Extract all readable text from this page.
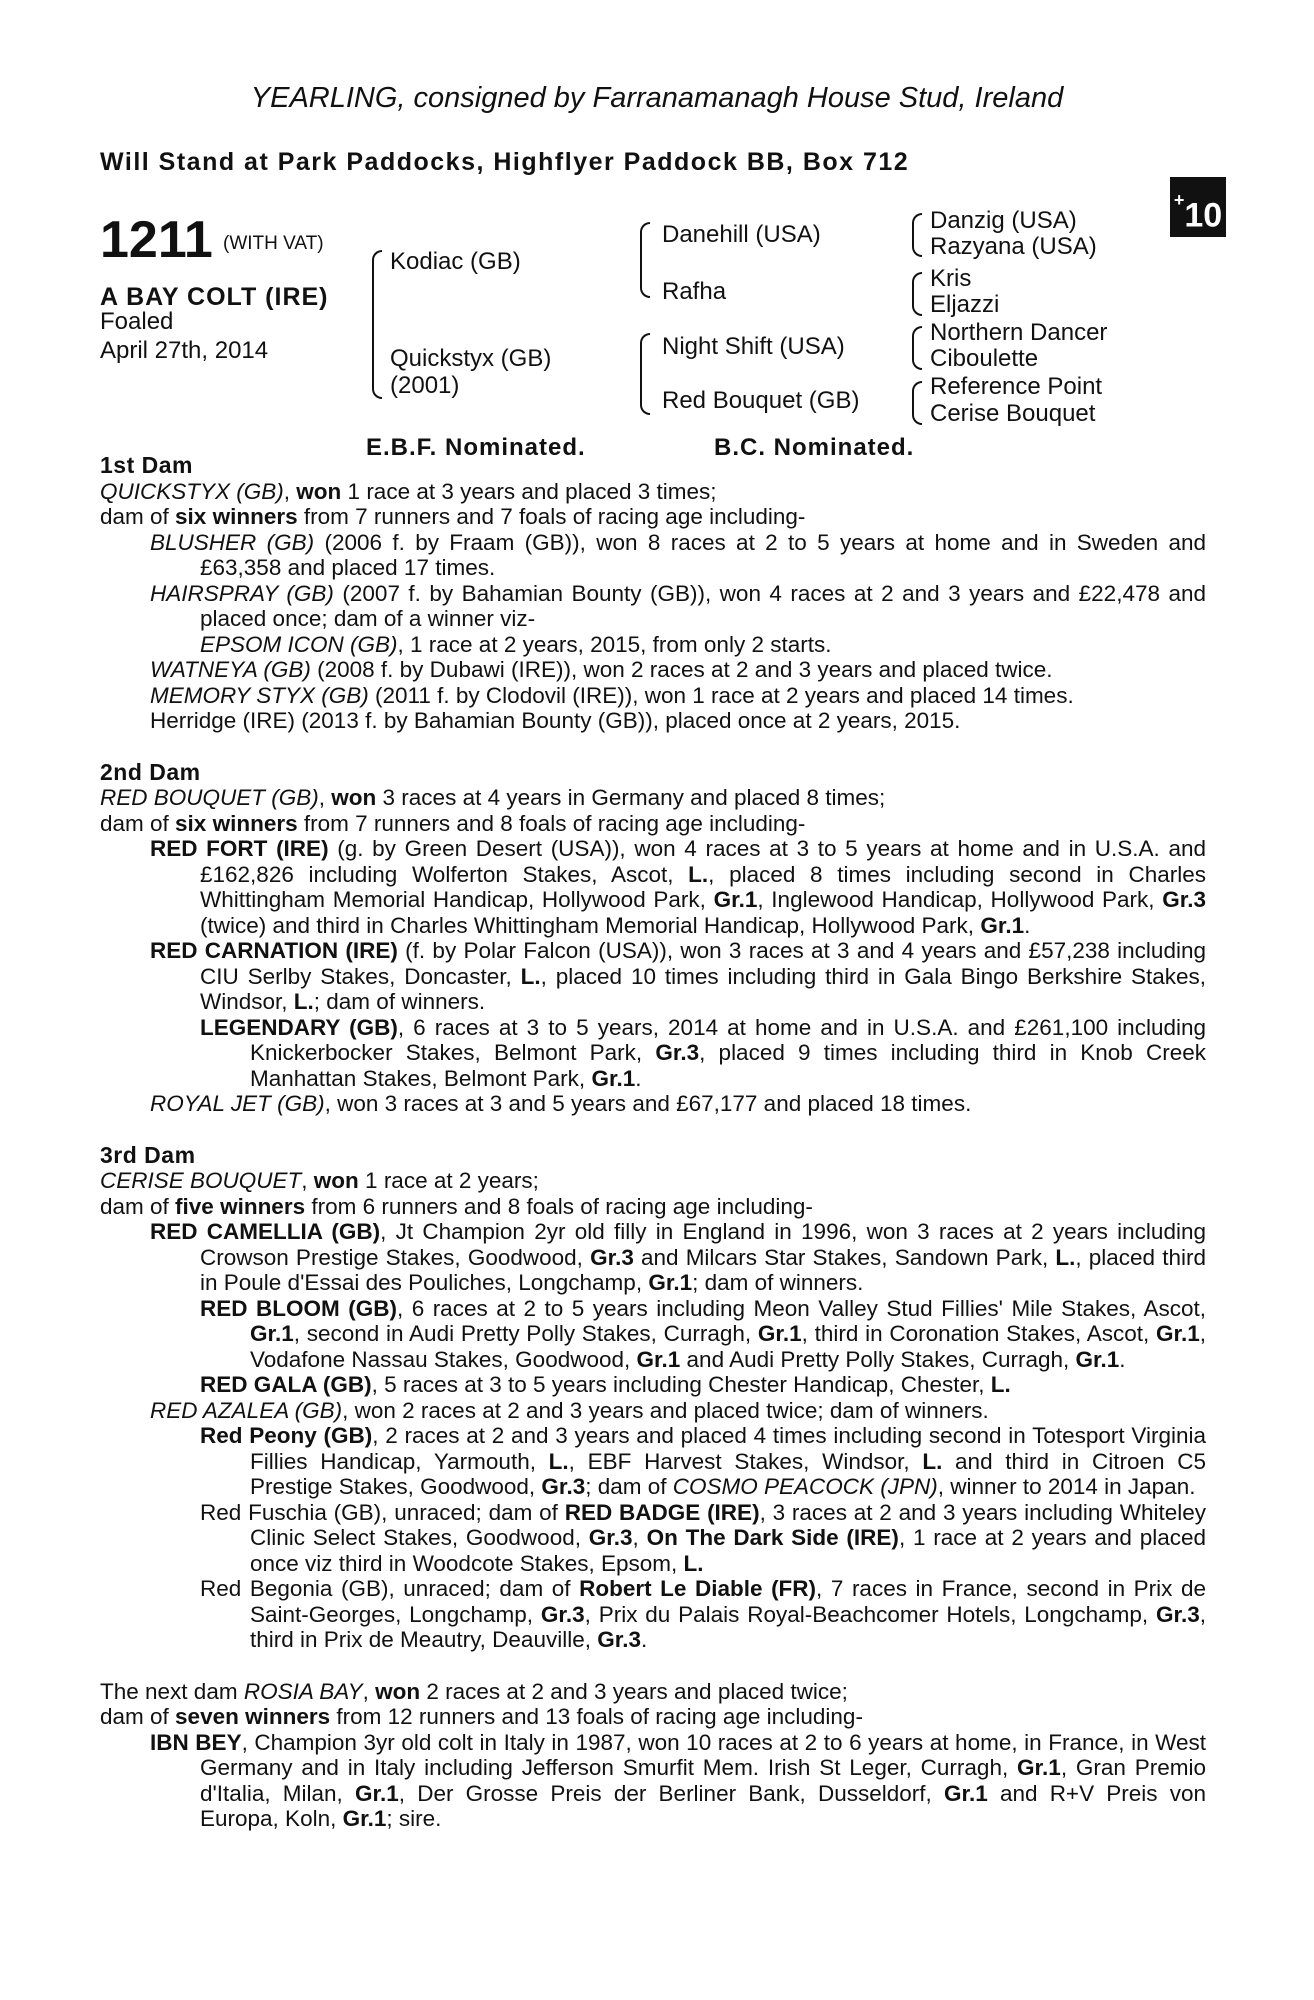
YEARLING, consigned by Farranamanagh House Stud, Ireland
Will Stand at Park Paddocks, Highflyer Paddock BB, Box 712
+10
1211 (WITH VAT)
A BAY COLT (IRE)
Foaled
April 27th, 2014
Kodiac (GB)
Quickstyx (GB)
(2001)
Danehill (USA)
Rafha
Night Shift (USA)
Red Bouquet (GB)
Danzig (USA)
Razyana (USA)
Kris
Eljazzi
Northern Dancer
Ciboulette
Reference Point
Cerise Bouquet
E.B.F. Nominated.	B.C. Nominated.
1st Dam
QUICKSTYX (GB), won 1 race at 3 years and placed 3 times;
dam of six winners from 7 runners and 7 foals of racing age including-
BLUSHER (GB) (2006 f. by Fraam (GB)), won 8 races at 2 to 5 years at home and in Sweden and £63,358 and placed 17 times.
HAIRSPRAY (GB) (2007 f. by Bahamian Bounty (GB)), won 4 races at 2 and 3 years and £22,478 and placed once; dam of a winner viz-
EPSOM ICON (GB), 1 race at 2 years, 2015, from only 2 starts.
WATNEYA (GB) (2008 f. by Dubawi (IRE)), won 2 races at 2 and 3 years and placed twice.
MEMORY STYX (GB) (2011 f. by Clodovil (IRE)), won 1 race at 2 years and placed 14 times.
Herridge (IRE) (2013 f. by Bahamian Bounty (GB)), placed once at 2 years, 2015.
2nd Dam
RED BOUQUET (GB), won 3 races at 4 years in Germany and placed 8 times;
dam of six winners from 7 runners and 8 foals of racing age including-
RED FORT (IRE) (g. by Green Desert (USA)), won 4 races at 3 to 5 years at home and in U.S.A. and £162,826 including Wolferton Stakes, Ascot, L., placed 8 times including second in Charles Whittingham Memorial Handicap, Hollywood Park, Gr.1, Inglewood Handicap, Hollywood Park, Gr.3 (twice) and third in Charles Whittingham Memorial Handicap, Hollywood Park, Gr.1.
RED CARNATION (IRE) (f. by Polar Falcon (USA)), won 3 races at 3 and 4 years and £57,238 including CIU Serlby Stakes, Doncaster, L., placed 10 times including third in Gala Bingo Berkshire Stakes, Windsor, L.; dam of winners.
LEGENDARY (GB), 6 races at 3 to 5 years, 2014 at home and in U.S.A. and £261,100 including Knickerbocker Stakes, Belmont Park, Gr.3, placed 9 times including third in Knob Creek Manhattan Stakes, Belmont Park, Gr.1.
ROYAL JET (GB), won 3 races at 3 and 5 years and £67,177 and placed 18 times.
3rd Dam
CERISE BOUQUET, won 1 race at 2 years;
dam of five winners from 6 runners and 8 foals of racing age including-
RED CAMELLIA (GB), Jt Champion 2yr old filly in England in 1996, won 3 races at 2 years including Crowson Prestige Stakes, Goodwood, Gr.3 and Milcars Star Stakes, Sandown Park, L., placed third in Poule d'Essai des Pouliches, Longchamp, Gr.1; dam of winners.
RED BLOOM (GB), 6 races at 2 to 5 years including Meon Valley Stud Fillies' Mile Stakes, Ascot, Gr.1, second in Audi Pretty Polly Stakes, Curragh, Gr.1, third in Coronation Stakes, Ascot, Gr.1, Vodafone Nassau Stakes, Goodwood, Gr.1 and Audi Pretty Polly Stakes, Curragh, Gr.1.
RED GALA (GB), 5 races at 3 to 5 years including Chester Handicap, Chester, L.
RED AZALEA (GB), won 2 races at 2 and 3 years and placed twice; dam of winners.
Red Peony (GB), 2 races at 2 and 3 years and placed 4 times including second in Totesport Virginia Fillies Handicap, Yarmouth, L., EBF Harvest Stakes, Windsor, L. and third in Citroen C5 Prestige Stakes, Goodwood, Gr.3; dam of COSMO PEACOCK (JPN), winner to 2014 in Japan.
Red Fuschia (GB), unraced; dam of RED BADGE (IRE), 3 races at 2 and 3 years including Whiteley Clinic Select Stakes, Goodwood, Gr.3, On The Dark Side (IRE), 1 race at 2 years and placed once viz third in Woodcote Stakes, Epsom, L.
Red Begonia (GB), unraced; dam of Robert Le Diable (FR), 7 races in France, second in Prix de Saint-Georges, Longchamp, Gr.3, Prix du Palais Royal-Beachcomer Hotels, Longchamp, Gr.3, third in Prix de Meautry, Deauville, Gr.3.
The next dam ROSIA BAY, won 2 races at 2 and 3 years and placed twice;
dam of seven winners from 12 runners and 13 foals of racing age including-
IBN BEY, Champion 3yr old colt in Italy in 1987, won 10 races at 2 to 6 years at home, in France, in West Germany and in Italy including Jefferson Smurfit Mem. Irish St Leger, Curragh, Gr.1, Gran Premio d'Italia, Milan, Gr.1, Der Grosse Preis der Berliner Bank, Dusseldorf, Gr.1 and R+V Preis von Europa, Koln, Gr.1; sire.
